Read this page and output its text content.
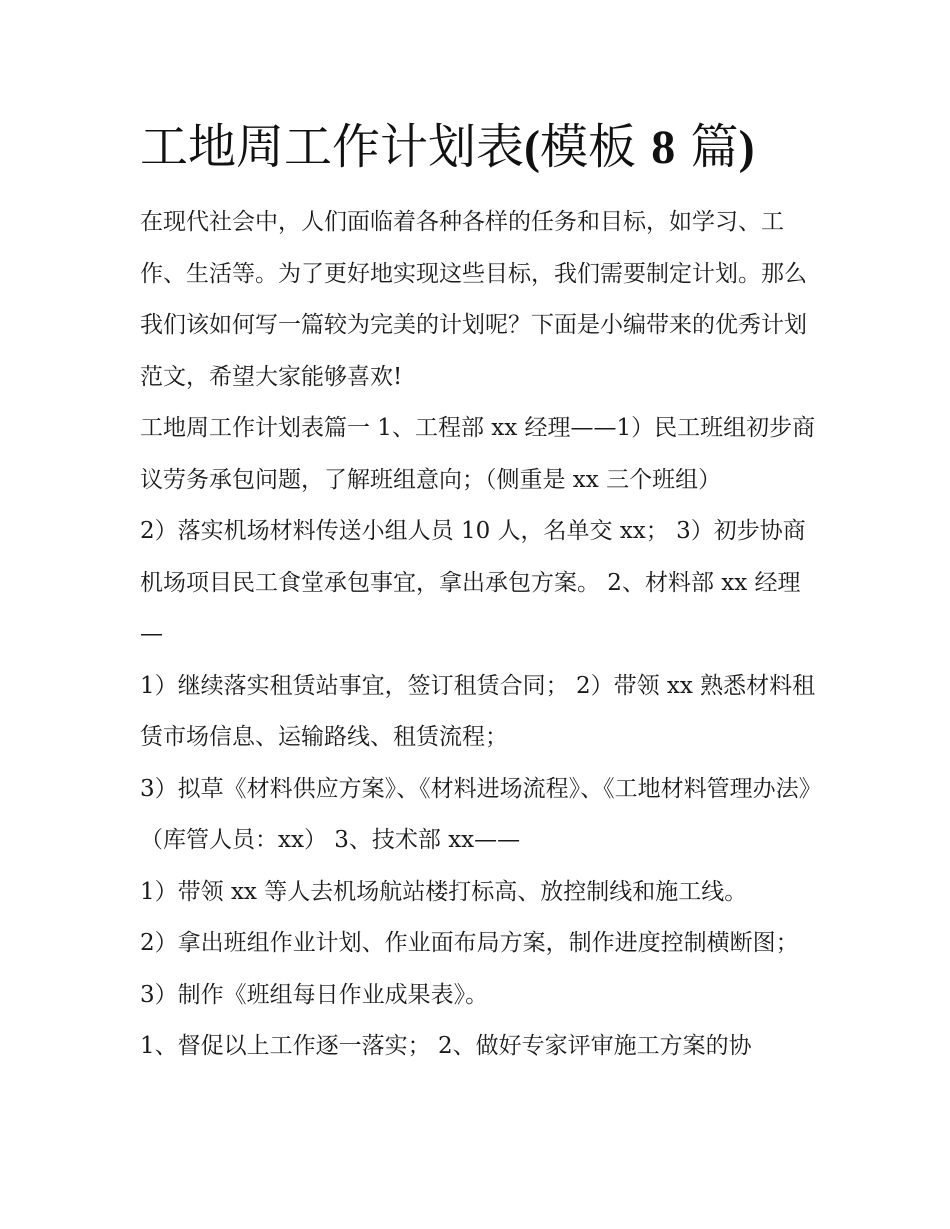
工地周工作计划表(模板 8 篇)

在现代社会中，人们面临着各种各样的任务和目标，如学习、工作、生活等。为了更好地实现这些目标，我们需要制定计划。那么我们该如何写一篇较为完美的计划呢？下面是小编带来的优秀计划范文，希望大家能够喜欢!

工地周工作计划表篇一 1、工程部 xx 经理——1）民工班组初步商议劳务承包问题，了解班组意向；（侧重是 xx 三个班组）

2）落实机场材料传送小组人员 10 人，名单交 xx； 3）初步协商机场项目民工食堂承包事宜，拿出承包方案。 2、材料部 xx 经理—

1）继续落实租赁站事宜，签订租赁合同； 2）带领 xx 熟悉材料租赁市场信息、运输路线、租赁流程；

3）拟草《材料供应方案》、《材料进场流程》、《工地材料管理办法》（库管人员：xx） 3、技术部 xx——

1）带领 xx 等人去机场航站楼打标高、放控制线和施工线。

2）拿出班组作业计划、作业面布局方案，制作进度控制横断图； 3）制作《班组每日作业成果表》。

1、督促以上工作逐一落实； 2、做好专家评审施工方案的协
